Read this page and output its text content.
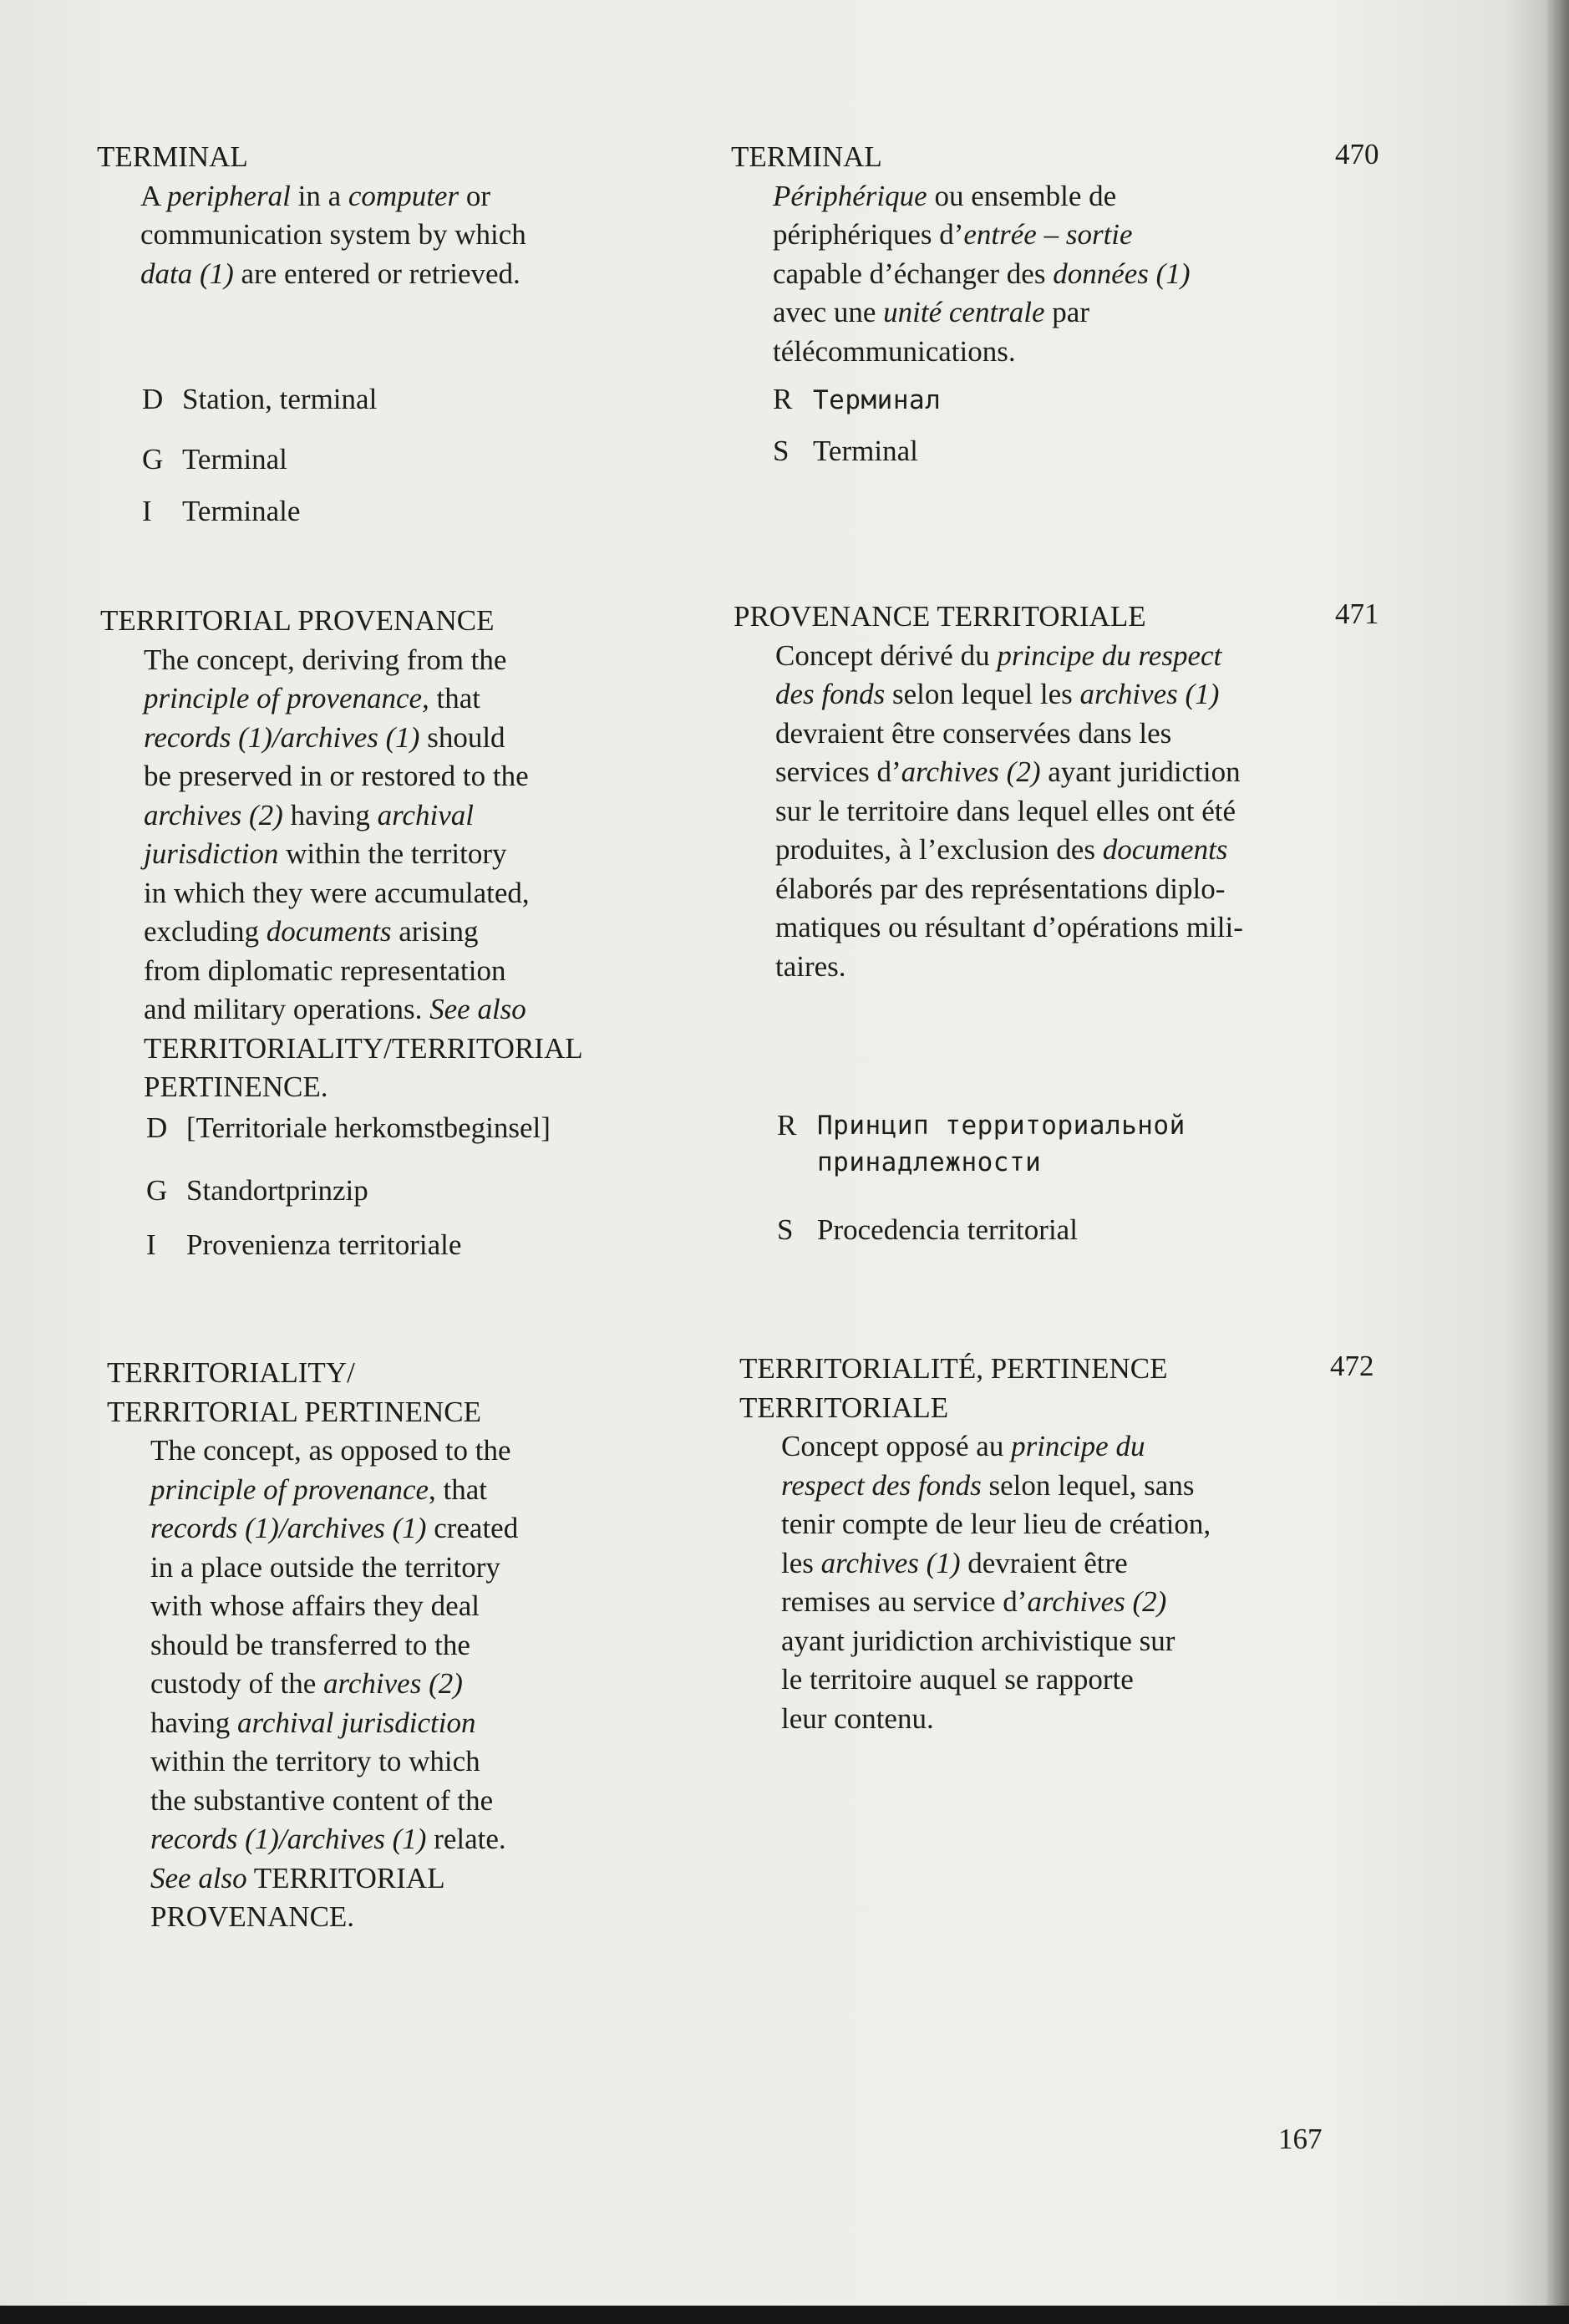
TERMINAL

A peripheral in a computer or

communication system by which

data (1) are entered or retrieved.

D Station, terminal
G Terminal
I Terminale
TERMINAL

Périphérique ou ensemble de

périphériques d’entrée – sortie

capable d’échanger des données (1)

avec une unité centrale par

télécommunications.

470
R Терминал
S Terminal
TERRITORIAL PROVENANCE

The concept, deriving from the

principle of provenance, that

records (1)/archives (1) should

be preserved in or restored to the

archives (2) having archival

jurisdiction within the territory

in which they were accumulated,

excluding documents arising

from diplomatic representation

and military operations. See also

TERRITORIALITY/TERRITORIAL

PERTINENCE.

D [Territoriale herkomstbeginsel]
G Standortprinzip
I Provenienza territoriale
PROVENANCE TERRITORIALE

Concept dérivé du principe du respect

des fonds selon lequel les archives (1)

devraient être conservées dans les

services d’archives (2) ayant juridiction

sur le territoire dans lequel elles ont été

produites, à l’exclusion des documents

élaborés par des représentations diplo-

matiques ou résultant d’opérations mili-

taires.

471
R Принцип территориальной
принадлежности
S Procedencia territorial
TERRITORIALITY/
TERRITORIAL PERTINENCE

The concept, as opposed to the

principle of provenance, that

records (1)/archives (1) created

in a place outside the territory

with whose affairs they deal

should be transferred to the

custody of the archives (2)

having archival jurisdiction

within the territory to which

the substantive content of the

records (1)/archives (1) relate.

See also TERRITORIAL

PROVENANCE.

TERRITORIALITÉ, PERTINENCE
TERRITORIALE

Concept opposé au principe du

respect des fonds selon lequel, sans

tenir compte de leur lieu de création,

les archives (1) devraient être

remises au service d’archives (2)

ayant juridiction archivistique sur

le territoire auquel se rapporte

leur contenu.

472
167
